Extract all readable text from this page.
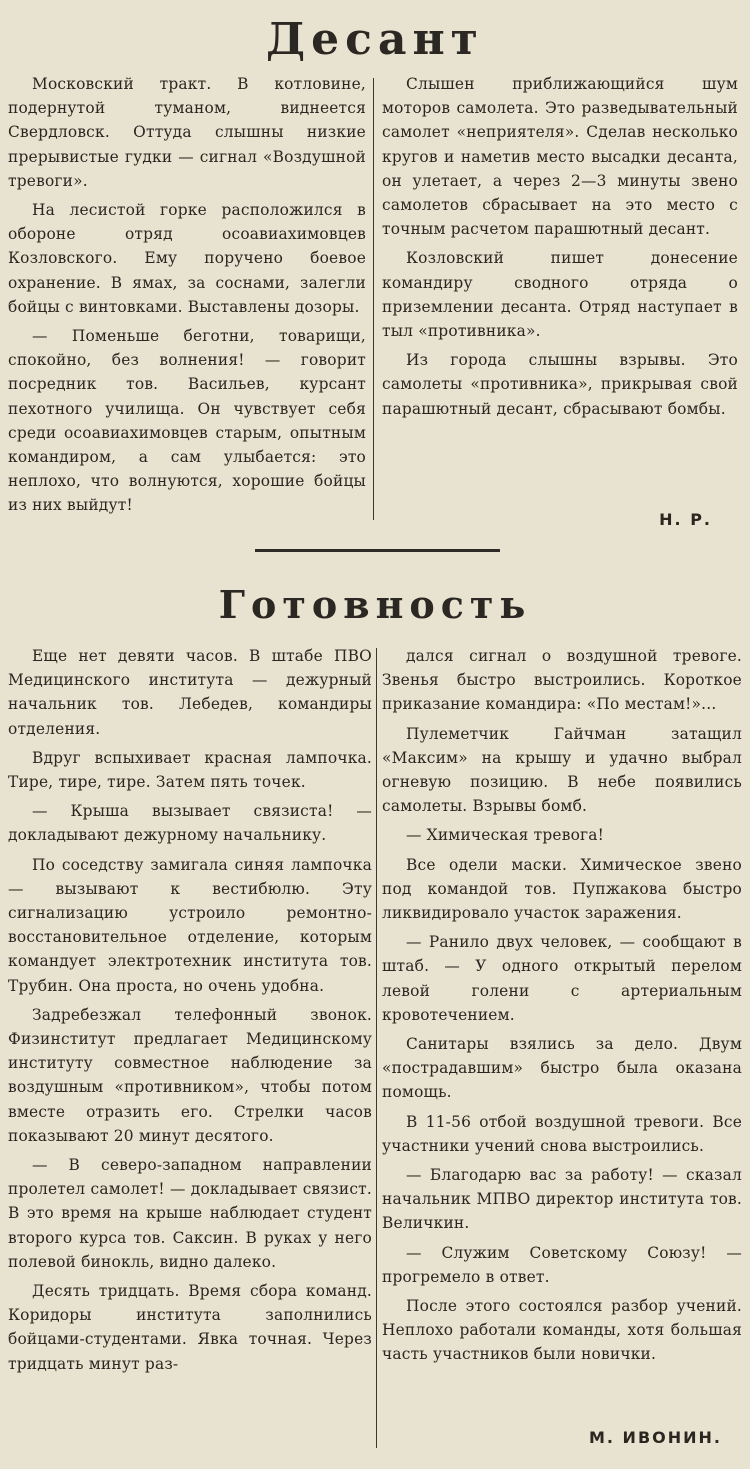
Десант

Московский тракт. В котловине, подернутой туманом, виднеется Свердловск. Оттуда слышны низкие прерывистые гудки — сигнал «Воздушной тревоги».

На лесистой горке расположился в обороне отряд осоавиахимовцев Козловского. Ему поручено боевое охранение. В ямах, за соснами, залегли бойцы с винтовками. Выставлены дозоры.

— Поменьше беготни, товарищи, спокойно, без волнения! — говорит посредник тов. Васильев, курсант пехотного училища. Он чувствует себя среди осоавиахимовцев старым, опытным командиром, а сам улыбается: это неплохо, что волнуются, хорошие бойцы из них выйдут!

Слышен приближающийся шум моторов самолета. Это разведывательный самолет «неприятеля». Сделав несколько кругов и наметив место высадки десанта, он улетает, а через 2—3 минуты звено самолетов сбрасывает на это место с точным расчетом парашютный десант.

Козловский пишет донесение командиру сводного отряда о приземлении десанта. Отряд наступает в тыл «противника».

Из города слышны взрывы. Это самолеты «противника», прикрывая свой парашютный десант, сбрасывают бомбы.

Н. Р.
Готовность

Еще нет девяти часов. В штабе ПВО Медицинского института — дежурный начальник тов. Лебедев, командиры отделения.

Вдруг вспыхивает красная лампочка. Тире, тире, тире. Затем пять точек.

— Крыша вызывает связиста! — докладывают дежурному начальнику.

По соседству замигала синяя лампочка — вызывают к вестибюлю. Эту сигнализацию устроило ремонтно-восстановительное отделение, которым командует электротехник института тов. Трубин. Она проста, но очень удобна.

Задребезжал телефонный звонок. Физинститут предлагает Медицинскому институту совместное наблюдение за воздушным «противником», чтобы потом вместе отразить его. Стрелки часов показывают 20 минут десятого.

— В северо-западном направлении пролетел самолет! — докладывает связист. В это время на крыше наблюдает студент второго курса тов. Саксин. В руках у него полевой бинокль, видно далеко.

Десять тридцать. Время сбора команд. Коридоры института заполнились бойцами-студентами. Явка точная. Через тридцать минут раз-

дался сигнал о воздушной тревоге. Звенья быстро выстроились. Короткое приказание командира: «По местам!»...

Пулеметчик Гайчман затащил «Максим» на крышу и удачно выбрал огневую позицию. В небе появились самолеты. Взрывы бомб.

— Химическая тревога!

Все одели маски. Химическое звено под командой тов. Пупжакова быстро ликвидировало участок заражения.

— Ранило двух человек, — сообщают в штаб. — У одного открытый перелом левой голени с артериальным кровотечением.

Санитары взялись за дело. Двум «пострадавшим» быстро была оказана помощь.

В 11-56 отбой воздушной тревоги. Все участники учений снова выстроились.

— Благодарю вас за работу! — сказал начальник МПВО директор института тов. Величкин.

— Служим Советскому Союзу! — прогремело в ответ.

После этого состоялся разбор учений. Неплохо работали команды, хотя большая часть участников были новички.

М. ИВОНИН.
